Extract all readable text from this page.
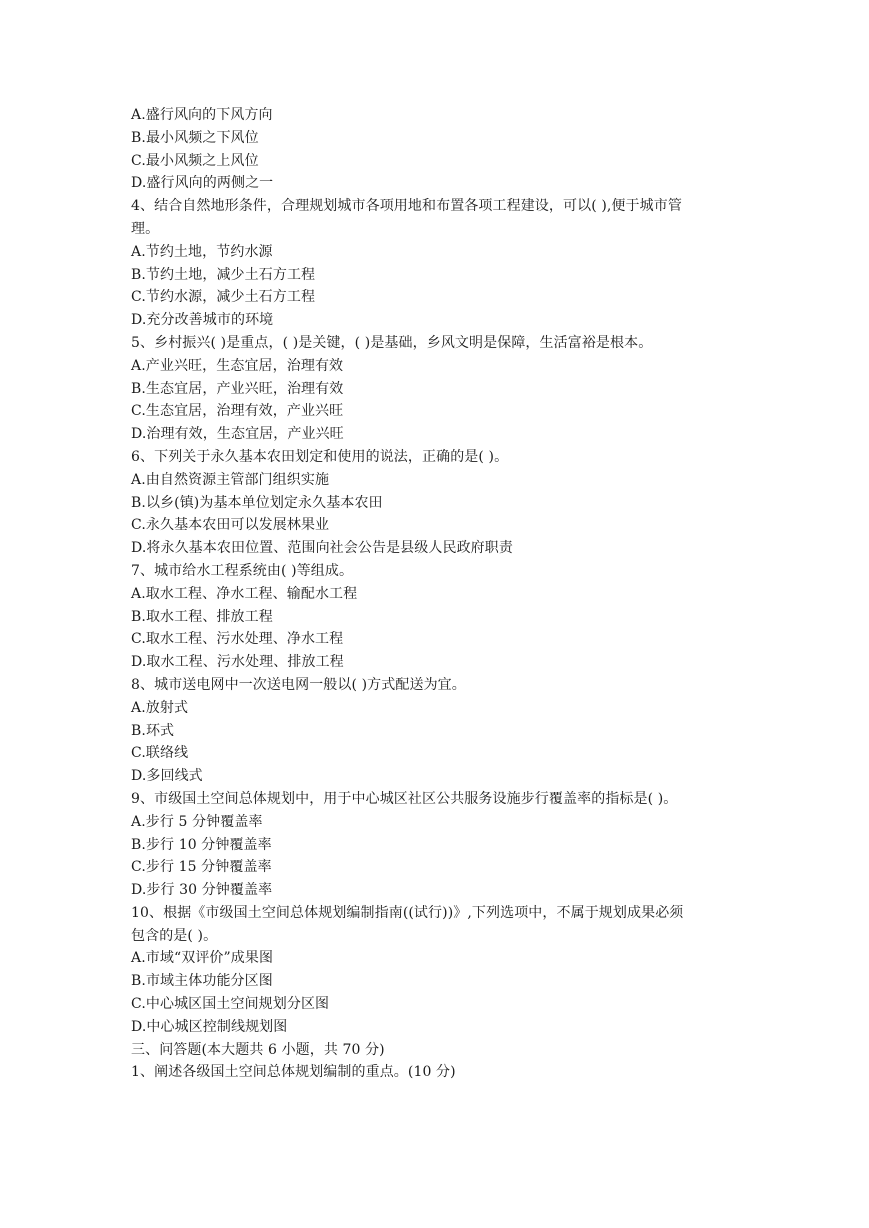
A.盛行风向的下风方向
B.最小风频之下风位
C.最小风频之上风位
D.盛行风向的两侧之一
4、结合自然地形条件，合理规划城市各项用地和布置各项工程建设，可以( ),便于城市管
理。
A.节约土地，节约水源
B.节约土地，减少土石方工程
C.节约水源，减少土石方工程
D.充分改善城市的环境
5、乡村振兴( )是重点，( )是关键，( )是基础，乡风文明是保障，生活富裕是根本。
A.产业兴旺，生态宜居，治理有效
B.生态宜居，产业兴旺，治理有效
C.生态宜居，治理有效，产业兴旺
D.治理有效，生态宜居，产业兴旺
6、下列关于永久基本农田划定和使用的说法，正确的是( )。
A.由自然资源主管部门组织实施
B.以乡(镇)为基本单位划定永久基本农田
C.永久基本农田可以发展林果业
D.将永久基本农田位置、范围向社会公告是县级人民政府职责
7、城市给水工程系统由( )等组成。
A.取水工程、净水工程、输配水工程
B.取水工程、排放工程
C.取水工程、污水处理、净水工程
D.取水工程、污水处理、排放工程
8、城市送电网中一次送电网一般以( )方式配送为宜。
A.放射式
B.环式
C.联络线
D.多回线式
9、市级国土空间总体规划中，用于中心城区社区公共服务设施步行覆盖率的指标是( )。
A.步行 5 分钟覆盖率
B.步行 10 分钟覆盖率
C.步行 15 分钟覆盖率
D.步行 30 分钟覆盖率
10、根据《市级国土空间总体规划编制指南((试行))》,下列选项中，不属于规划成果必须
包含的是( )。
A.市域“双评价”成果图
B.市域主体功能分区图
C.中心城区国土空间规划分区图
D.中心城区控制线规划图
三、问答题(本大题共 6 小题，共 70 分)
1、阐述各级国土空间总体规划编制的重点。(10 分)
